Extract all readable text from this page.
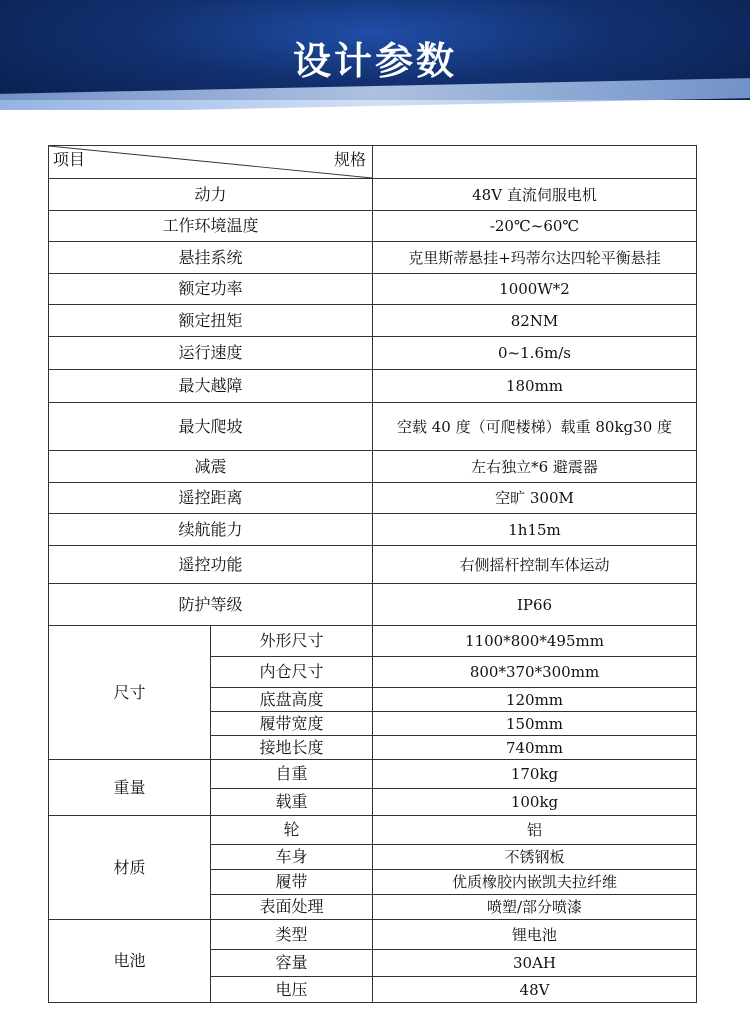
设计参数
项目 规格		

动力		48V 直流伺服电机
工作环境温度		-20℃~60℃
悬挂系统		克里斯蒂悬挂+玛蒂尔达四轮平衡悬挂
额定功率		1000W*2
额定扭矩		82NM
运行速度		0~1.6m/s
最大越障		180mm
最大爬坡		空载 40 度（可爬楼梯）载重 80kg30 度
减震		左右独立*6 避震器
遥控距离		空旷 300M
续航能力		1h15m
遥控功能		右侧摇杆控制车体运动
防护等级		IP66
尺寸	外形尺寸	1100*800*495mm
	内仓尺寸	800*370*300mm
	底盘高度	120mm
	履带宽度	150mm
	接地长度	740mm
重量	自重	170kg
	载重	100kg
材质	轮	铝
	车身	不锈钢板
	履带	优质橡胶内嵌凯夫拉纤维
	表面处理	喷塑/部分喷漆
电池	类型	锂电池
	容量	30AH
	电压	48V
